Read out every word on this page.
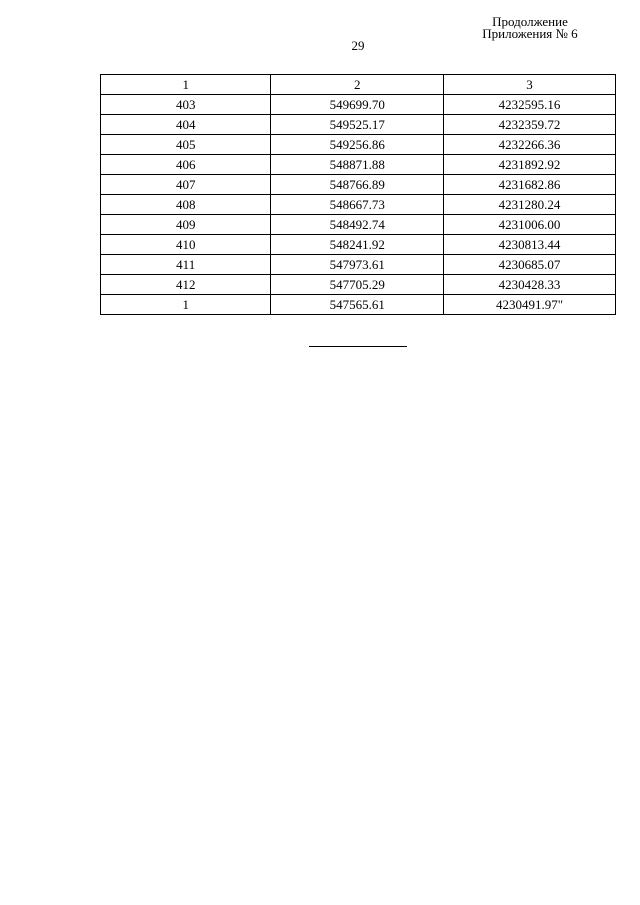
Продолжение
Приложения № 6
29
1	2	3
403	549699.70	4232595.16
404	549525.17	4232359.72
405	549256.86	4232266.36
406	548871.88	4231892.92
407	548766.89	4231682.86
408	548667.73	4231280.24
409	548492.74	4231006.00
410	548241.92	4230813.44
411	547973.61	4230685.07
412	547705.29	4230428.33
1	547565.61	4230491.97"
